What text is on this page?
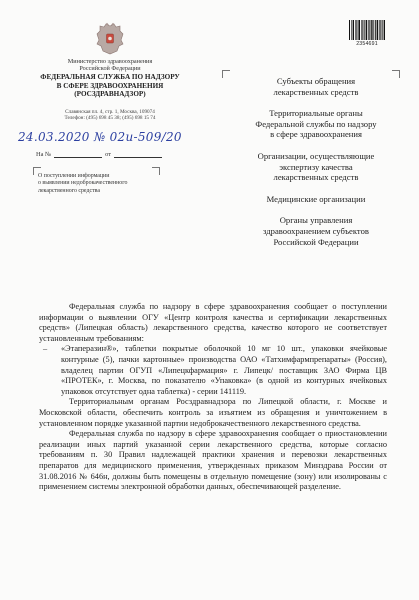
Министерство здравоохранения
Российской Федерации
ФЕДЕРАЛЬНАЯ СЛУЖБА ПО НАДЗОРУ
В СФЕРЕ ЗДРАВООХРАНЕНИЯ
(РОСЗДРАВНАДЗОР)
Славянская пл. 4, стр. 1, Москва, 109074
Телефон: (495) 698 45 38; (495) 698 15 74
24.03.2020 № 02и-509/20
На №	от
О поступлении информации
о выявлении недоброкачественного
лекарственного средства
2354691
Субъекты обращения
лекарственных средств
Территориальные органы
Федеральной службы по надзору
в сфере здравоохранения
Организации, осуществляющие
экспертизу качества
лекарственных средств
Медицинские организации
Органы управления
здравоохранением субъектов
Российской Федерации

Федеральная служба по надзору в сфере здравоохранения сообщает о поступлении информации о выявлении ОГУ «Центр контроля качества и сертификации лекарственных средств» (Липецкая область) лекарственного средства, качество которого не соответствует установленным требованиям:

– «Этаперазин®», таблетки покрытые оболочкой 10 мг 10 шт., упаковки ячейковые контурные (5), пачки картонные» производства ОАО «Татхимфармпрепараты» (Россия), владелец партии ОГУП «Липецкфармация» г. Липецк/ поставщик ЗАО Фирма ЦВ «ПРОТЕК», г. Москва, по показателю «Упаковка» (в одной из контурных ячейковых упаковок отсутствует одна таблетка) - серии 141119.

Территориальным органам Росздравнадзора по Липецкой области, г. Москве и Московской области, обеспечить контроль за изъятием из обращения и уничтожением в установленном порядке указанной партии недоброкачественного лекарственного средства.

Федеральная служба по надзору в сфере здравоохранения сообщает о приостановлении реализации иных партий указанной серии лекарственного средства, которые согласно требованиям п. 30 Правил надлежащей практики хранения и перевозки лекарственных препаратов для медицинского применения, утвержденных приказом Минздрава России от 31.08.2016 № 646н, должны быть помещены в отдельную помещение (зону) или изолированы с применением системы электронной обработки данных, обеспечивающей разделение.
